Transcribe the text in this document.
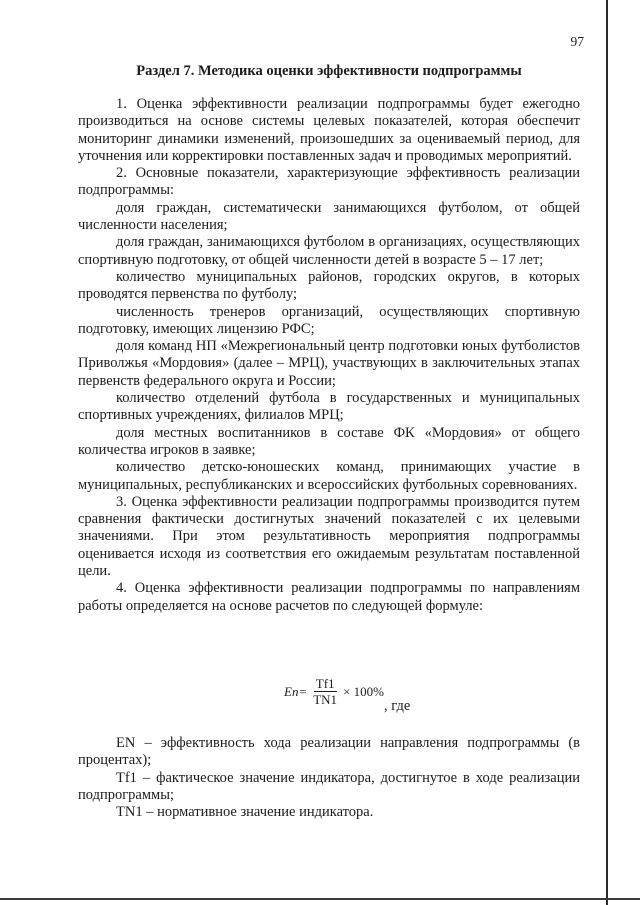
97
Раздел 7. Методика оценки эффективности подпрограммы

1. Оценка эффективности реализации подпрограммы будет ежегодно производиться на основе системы целевых показателей, которая обеспечит мониторинг динамики изменений, произошедших за оцениваемый период, для уточнения или корректировки поставленных задач и проводимых мероприятий.

2. Основные показатели, характеризующие эффективность реализации подпрограммы:

доля граждан, систематически занимающихся футболом, от общей численности населения;

доля граждан, занимающихся футболом в организациях, осуществляющих спортивную подготовку, от общей численности детей в возрасте 5 – 17 лет;

количество муниципальных районов, городских округов, в которых проводятся первенства по футболу;

численность тренеров организаций, осуществляющих спортивную подготовку, имеющих лицензию РФС;

доля команд НП «Межрегиональный центр подготовки юных футболистов Приволжья «Мордовия» (далее – МРЦ), участвующих в заключительных этапах первенств федерального округа и России;

количество отделений футбола в государственных и муниципальных спортивных учреждениях, филиалов МРЦ;

доля местных воспитанников в составе ФК «Мордовия» от общего количества игроков в заявке;

количество детско-юношеских команд, принимающих участие в муниципальных, республиканских и всероссийских футбольных соревнованиях.

3. Оценка эффективности реализации подпрограммы производится путем сравнения фактически достигнутых значений показателей с их целевыми значениями. При этом результативность мероприятия подпрограммы оценивается исходя из соответствия его ожидаемым результатам поставленной цели.

4. Оценка эффективности реализации подпрограммы по направлениям работы определяется на основе расчетов по следующей формуле:

$En= \frac{Tf1}{TN1} \times 100\%$
, где

EN – эффективность хода реализации направления подпрограммы (в процентах);

Tf1 – фактическое значение индикатора, достигнутое в ходе реализации подпрограммы;

TN1 – нормативное значение индикатора.
